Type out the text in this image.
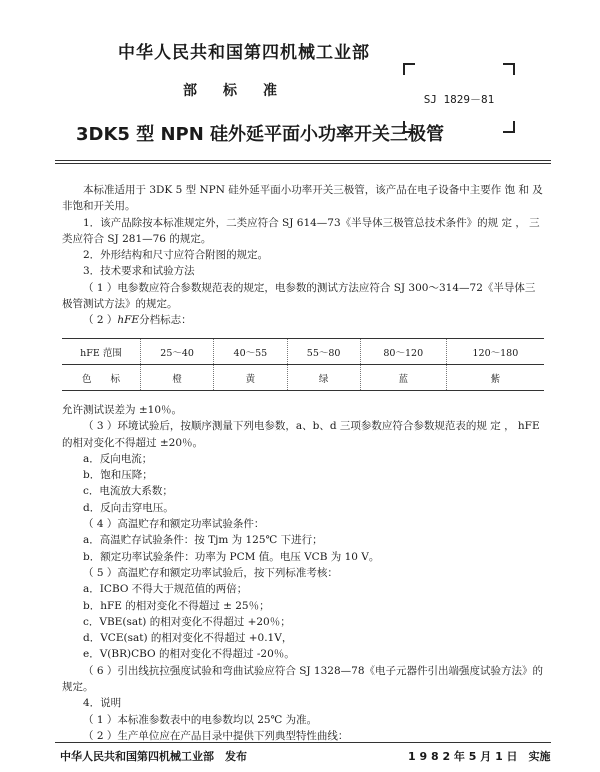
中华人民共和国第四机械工业部
部标准
3DK5 型 NPN 硅外延平面小功率开关三极管
SJ 1829－81

本标准适用于 3DK 5 型 NPN 硅外延平面小功率开关三极管，该产品在电子设备中主要作 饱 和 及非饱和开关用。

1．该产品除按本标准规定外，二类应符合 SJ 614—73《半导体三极管总技术条件》的规 定 ， 三类应符合 SJ 281—76 的规定。

2．外形结构和尺寸应符合附图的规定。

3．技术要求和试验方法

（ 1 ）电参数应符合参数规范表的规定，电参数的测试方法应符合 SJ 300～314—72《半导体三 极管测试方法》的规定。

（ 2 ）hFE分档标志：

hFE 范围	25～40	40～55	55～80	80～120	120～180
色　　标	橙	黄	绿	蓝	紫

允许测试误差为 ±10％。

（ 3 ）环境试验后，按顺序测量下列电参数，a、b、d 三项参数应符合参数规范表的规 定 ， hFE 的相对变化不得超过 ±20％。

a．反向电流；

b．饱和压降；

c．电流放大系数；

d．反向击穿电压。

（ 4 ）高温贮存和额定功率试验条件：

a．高温贮存试验条件：按 Tjm 为 125℃ 下进行；

b．额定功率试验条件：功率为 PCM 值。电压 VCB 为 10 V。

（ 5 ）高温贮存和额定功率试验后，按下列标准考核：

a．ICBO 不得大于规范值的两倍；

b．hFE 的相对变化不得超过 ± 25％；

c．VBE(sat) 的相对变化不得超过 +20％；

d．VCE(sat) 的相对变化不得超过 +0.1V，

e．V(BR)CBO 的相对变化不得超过 -20％。

（ 6 ）引出线抗拉强度试验和弯曲试验应符合 SJ 1328—78《电子元器件引出端强度试验方法》的规定。

4．说明

（ 1 ）本标准参数表中的电参数均以 25℃ 为准。

（ 2 ）生产单位应在产品目录中提供下列典型特性曲线：

中华人民共和国第四机械工业部　发布	1 9 8 2 年 5 月 1 日　实施
